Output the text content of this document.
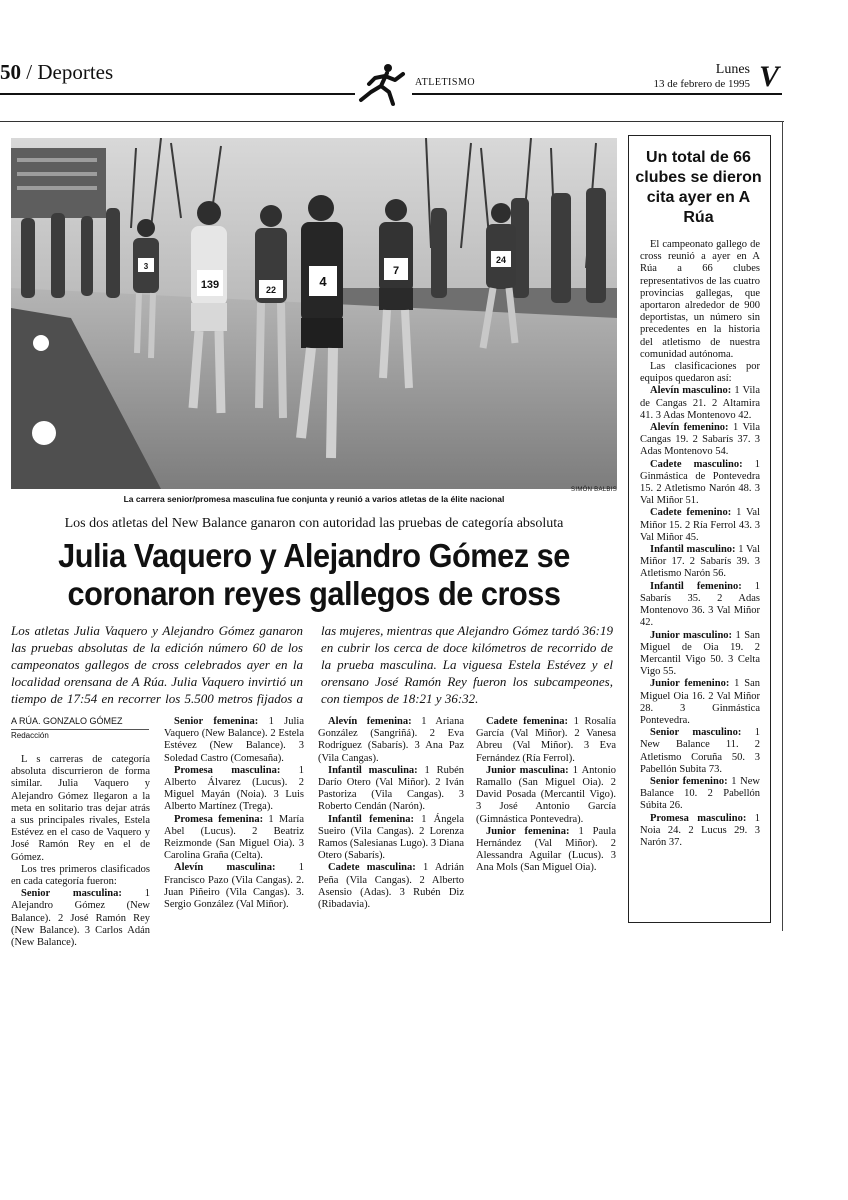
50 / Deportes	ATLETISMO
Lunes
13 de febrero de 1995 V
139	4
7
22
24
3
SIMÓN BALBIS
La carrera senior/promesa masculina fue conjunta y reunió a varios atletas de la élite nacional
Los dos atletas del New Balance ganaron con autoridad las pruebas de categoría absoluta
Julia Vaquero y Alejandro Gómez se
coronaron reyes gallegos de cross
Los atletas Julia Vaquero y Alejandro Gómez ganaron las pruebas absolutas de la edición número 60 de los campeonatos gallegos de cross celebrados ayer en la localidad orensana de A Rúa. Julia Vaquero invirtió un tiempo de 17:54 en recorrer los 5.500 metros fijados a las mujeres, mientras que Alejandro Gómez tardó 36:19 en cubrir los cerca de doce kilómetros de recorrido de la prueba masculina. La viguesa Estela Estévez y el orensano José Ramón Rey fueron los subcampeones, con tiempos de 18:21 y 36:32.
A RÚA. GONZALO GÓMEZ
Redacción

L s carreras de categoría absoluta discurrieron de forma similar. Julia Vaquero y Alejandro Gómez llegaron a la meta en solitario tras dejar atrás a sus principales rivales, Estela Estévez en el caso de Vaquero y José Ramón Rey en el de Gómez.

Los tres primeros clasificados en cada categoría fueron:

Senior masculina: 1 Alejandro Gómez (New Balance). 2 José Ramón Rey (New Balance). 3 Carlos Adán (New Balance).

Senior femenina: 1 Julia Vaquero (New Balance). 2 Estela Estévez (New Balance). 3 Soledad Castro (Comesaña).

Promesa masculina: 1 Alberto Álvarez (Lucus). 2 Miguel Mayán (Noia). 3 Luis Alberto Martínez (Trega).

Promesa femenina: 1 María Abel (Lucus). 2 Beatriz Reizmonde (San Miguel Oia). 3 Carolina Graña (Celta).

Alevín masculina: 1 Francisco Pazo (Vila Cangas). 2. Juan Piñeiro (Vila Cangas). 3. Sergio González (Val Miñor).

Alevín femenina: 1 Ariana González (Sangriñá). 2 Eva Rodríguez (Sabarís). 3 Ana Paz (Vila Cangas).

Infantil masculina: 1 Rubén Darío Otero (Val Miñor). 2 Iván Pastoriza (Vila Cangas). 3 Roberto Cendán (Narón).

Infantil femenina: 1 Ángela Sueiro (Vila Cangas). 2 Lorenza Ramos (Salesianas Lugo). 3 Diana Otero (Sabarís).

Cadete masculina: 1 Adrián Peña (Vila Cangas). 2 Alberto Asensio (Adas). 3 Rubén Diz (Ribadavia).

Cadete femenina: 1 Rosalía García (Val Miñor). 2 Vanesa Abreu (Val Miñor). 3 Eva Fernández (Ría Ferrol).

Junior masculina: 1 Antonio Ramallo (San Miguel Oia). 2 David Posada (Mercantil Vigo). 3 José Antonio García (Gimnástica Pontevedra).

Junior femenina: 1 Paula Hernández (Val Miñor). 2 Alessandra Aguilar (Lucus). 3 Ana Mols (San Miguel Oia).

Un total de 66 clubes se dieron cita ayer en A Rúa

El campeonato gallego de cross reunió a ayer en A Rúa a 66 clubes representativos de las cuatro provincias gallegas, que aportaron alrededor de 900 deportistas, un número sin precedentes en la historia del atletismo de nuestra comunidad autónoma.

Las clasificaciones por equipos quedaron así:

Alevín masculino: 1 Vila de Cangas 21. 2 Altamira 41. 3 Adas Montenovo 42.

Alevín femenino: 1 Vila Cangas 19. 2 Sabarís 37. 3 Adas Montenovo 54.

Cadete masculino: 1 Ginmástica de Pontevedra 15. 2 Atletismo Narón 48. 3 Val Miñor 51.

Cadete femenino: 1 Val Miñor 15. 2 Ría Ferrol 43. 3 Val Miñor 45.

Infantil masculino: 1 Val Miñor 17. 2 Sabarís 39. 3 Atletismo Narón 56.

Infantil femenino: 1 Sabarís 35. 2 Adas Montenovo 36. 3 Val Miñor 42.

Junior masculino: 1 San Miguel de Oia 19. 2 Mercantil Vigo 50. 3 Celta Vigo 55.

Junior femenino: 1 San Miguel Oia 16. 2 Val Miñor 28. 3 Ginmástica Pontevedra.

Senior masculino: 1 New Balance 11. 2 Atletismo Coruña 50. 3 Pabellón Subita 73.

Senior femenino: 1 New Balance 10. 2 Pabellón Súbita 26.

Promesa masculino: 1 Noia 24. 2 Lucus 29. 3 Narón 37.
